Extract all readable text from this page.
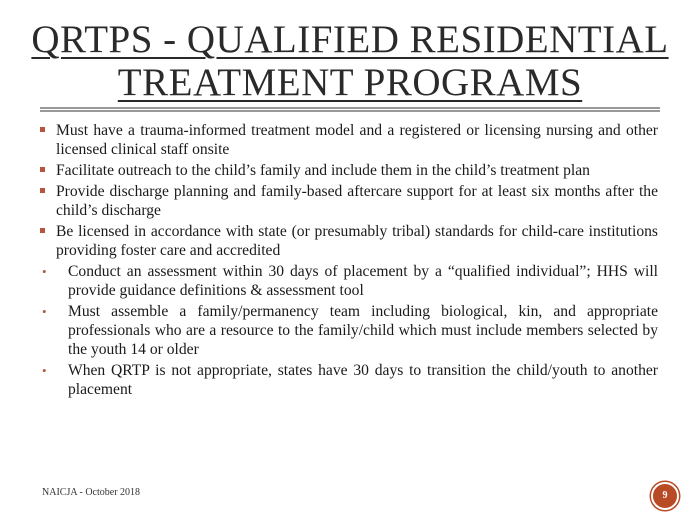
QRTPS - QUALIFIED RESIDENTIAL
TREATMENT PROGRAMS
Must have a trauma-informed treatment model and a registered or licensing nursing and other licensed clinical staff onsite
Facilitate outreach to the child’s family and include them in the child’s treatment plan
Provide discharge planning and family-based aftercare support for at least six months after the child’s discharge
Be licensed in accordance with state (or presumably tribal) standards for child-care institutions providing foster care and accredited
• Conduct an assessment within 30 days of placement by a “qualified individual”; HHS will provide guidance definitions & assessment tool
• Must assemble a family/permanency team including biological, kin, and appropriate professionals who are a resource to the family/child which must include members selected by the youth 14 or older
• When QRTP is not appropriate, states have 30 days to transition the child/youth to another placement
NAICJA - October 2018	9
